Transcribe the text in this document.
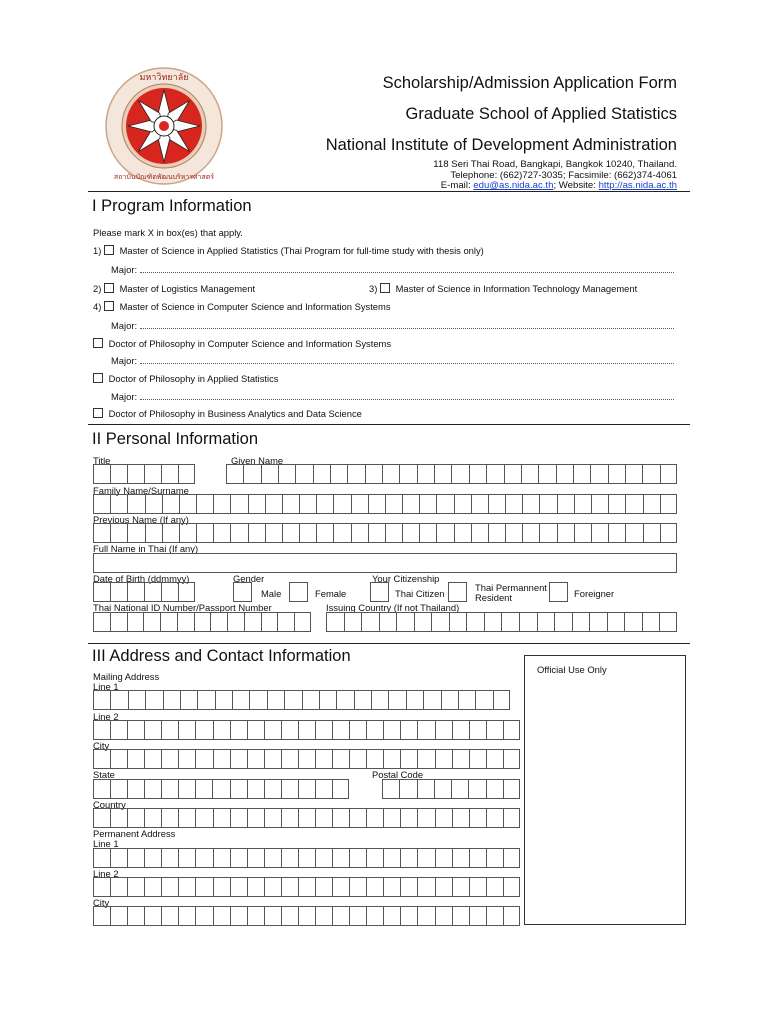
มหาวิทยาลัย
สถาบันบัณฑิตพัฒนบริหารศาสตร์
Scholarship/Admission Application Form
Graduate School of Applied Statistics
National Institute of Development Administration
118 Seri Thai Road, Bangkapi, Bangkok 10240, Thailand.
Telephone: (662)727-3035; Facsimile: (662)374-4061
E-mail: edu@as.nida.ac.th; Website: http://as.nida.ac.th
I Program Information
Please mark X in box(es) that apply.
1) Master of Science in Applied Statistics (Thai Program for full-time study with thesis only)
Major:
2) Master of Logistics Management	3) Master of Science in Information Technology Management
4) Master of Science in Computer Science and Information Systems
Major:
Doctor of Philosophy in Computer Science and Information Systems
Major:
Doctor of Philosophy in Applied Statistics
Major:
Doctor of Philosophy in Business Analytics and Data Science
II Personal Information
Title	Given Name
Family Name/Surname
Previous Name (If any)
Full Name in Thai (If any)
Date of Birth (ddmmyy)	Gender
Male	Female
Your Citizenship
Thai Citizen
Thai Permannent
Resident	Foreigner
Thai National ID Number/Passport Number	Issuing Country (If not Thailand)
III Address and Contact Information
Official Use Only
Mailing Address
Line 1
Line 2
City
State	Postal Code
Country
Permanent Address
Line 1
Line 2
City
